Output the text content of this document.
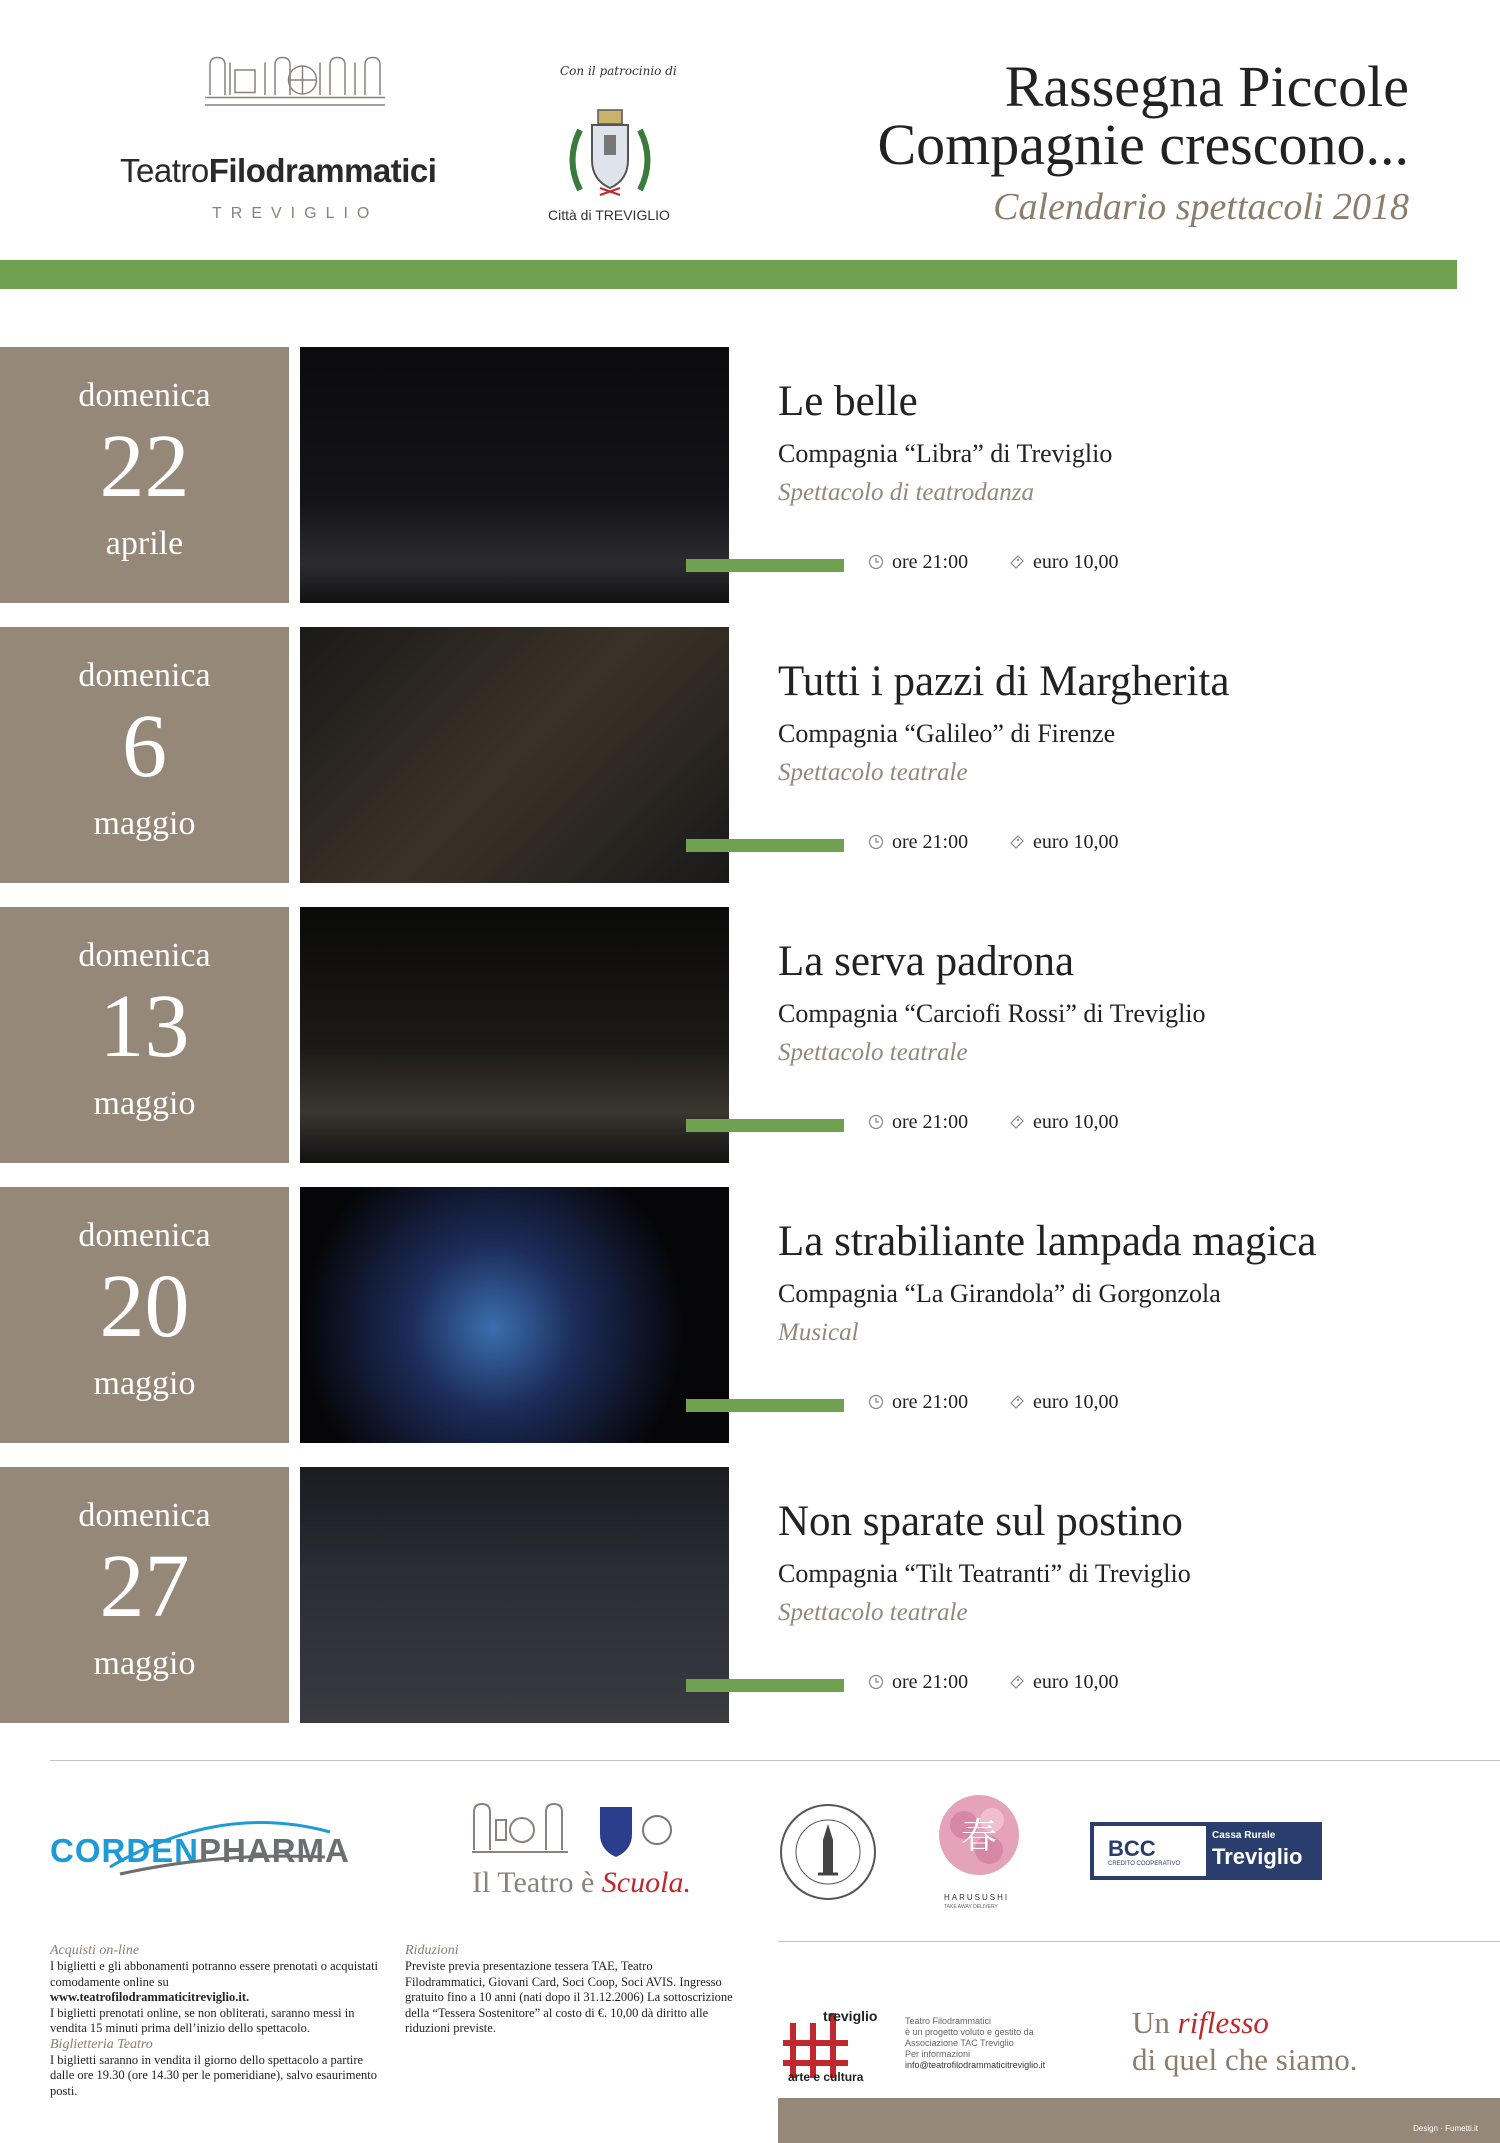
TeatroFilodrammatici
TREVIGLIO
Con il patrocinio di
Città di TREVIGLIO
Rassegna Piccole
Compagnie crescono...
Calendario spettacoli 2018
domenica
22
aprile
Le belle
Compagnia “Libra” di Treviglio
Spettacolo di teatrodanza
ore 21:00	euro 10,00
domenica
6
maggio
Tutti i pazzi di Margherita
Compagnia “Galileo” di Firenze
Spettacolo teatrale
ore 21:00	euro 10,00
domenica
13
maggio
La serva padrona
Compagnia “Carciofi Rossi” di Treviglio
Spettacolo teatrale
ore 21:00	euro 10,00
domenica
20
maggio
La strabiliante lampada magica
Compagnia “La Girandola” di Gorgonzola
Musical
ore 21:00	euro 10,00
domenica
27
maggio
Non sparate sul postino
Compagnia “Tilt Teatranti” di Treviglio
Spettacolo teatrale
ore 21:00	euro 10,00
CORDENPHARMA
Il Teatro è Scuola.
春
HARUSUSHI
TAKE AWAY DELIVERY
BCC
CREDITO COOPERATIVO
Cassa Rurale
Treviglio
Acquisti on-line
I biglietti e gli abbonamenti potranno essere prenotati o acquistati comodamente online su
www.teatrofilodrammaticitreviglio.it.
I biglietti prenotati online, se non obliterati, saranno messi in vendita 15 minuti prima dell’inizio dello spettacolo.
Biglietteria Teatro
I biglietti saranno in vendita il giorno dello spettacolo a partire dalle ore 19.30 (ore 14.30 per le pomeridiane), salvo esaurimento posti.
Riduzioni
Previste previa presentazione tessera TAE, Teatro Filodrammatici, Giovani Card, Soci Coop, Soci AVIS. Ingresso gratuito fino a 10 anni (nati dopo il 31.12.2006) La sottoscrizione della “Tessera Sostenitore” al costo di €. 10,00 dà diritto alle riduzioni previste.
treviglio
arte e cultura
Teatro Filodrammatici
è un progetto voluto e gestito da
Associazione TAC Treviglio
Per informazioni
info@teatrofilodrammaticitreviglio.it
Un riflesso
di quel che siamo.
Design · Fumetti.it
